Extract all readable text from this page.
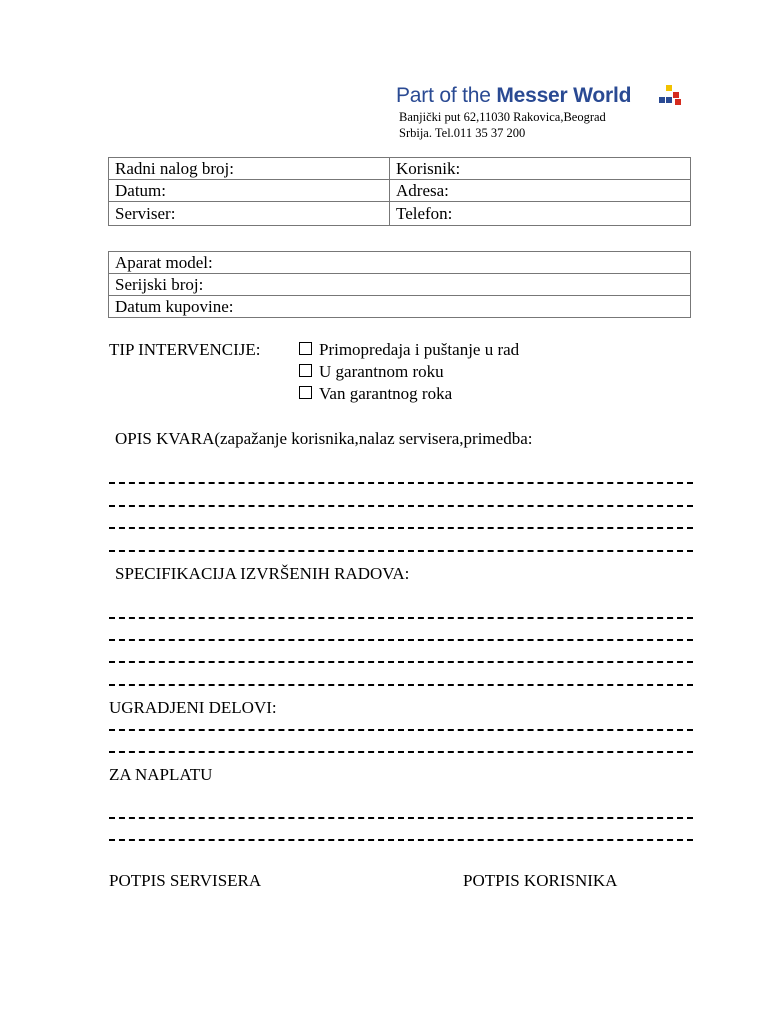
Part of the Messer World
Banjički put 62,11030 Rakovica,Beograd
Srbija. Tel.011 35 37 200
Radni nalog broj:	Korisnik:
Datum:	Adresa:
Serviser:	Telefon:
Aparat model:
Serijski broj:
Datum kupovine:
TIP INTERVENCIJE:	Primopredaja i puštanje u rad
U garantnom roku
Van garantnog roka
OPIS KVARA(zapažanje korisnika,nalaz servisera,primedba:
SPECIFIKACIJA IZVRŠENIH RADOVA:
UGRADJENI DELOVI:
ZA NAPLATU
POTPIS SERVISERA	POTPIS KORISNIKA
